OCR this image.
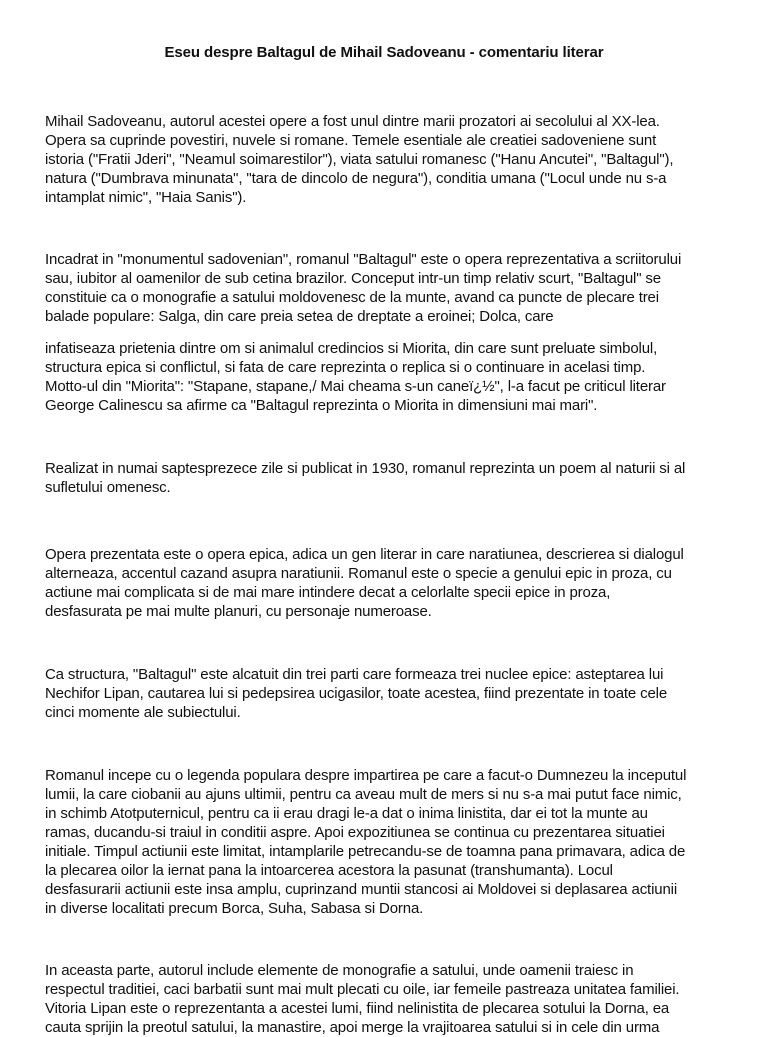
Eseu despre Baltagul de Mihail Sadoveanu - comentariu literar
Mihail Sadoveanu, autorul acestei opere a fost unul dintre marii prozatori ai secolului al XX-lea.
Opera sa cuprinde povestiri, nuvele si romane. Temele esentiale ale creatiei sadoveniene sunt
istoria ("Fratii Jderi", "Neamul soimarestilor"), viata satului romanesc ("Hanu Ancutei", "Baltagul"),
natura ("Dumbrava minunata", "tara de dincolo de negura"), conditia umana ("Locul unde nu s-a
intamplat nimic", "Haia Sanis").
Incadrat in "monumentul sadovenian", romanul "Baltagul" este o opera reprezentativa a scriitorului
sau, iubitor al oamenilor de sub cetina brazilor. Conceput intr-un timp relativ scurt, "Baltagul" se
constituie ca o monografie a satului moldovenesc de la munte, avand ca puncte de plecare trei
balade populare: Salga, din care preia setea de dreptate a eroinei; Dolca, care
infatiseaza prietenia dintre om si animalul credincios si Miorita, din care sunt preluate simbolul,
structura epica si conflictul, si fata de care reprezinta o replica si o continuare in acelasi timp.
Motto-ul din "Miorita": "Stapane, stapane,/ Mai cheama s-un caneï¿½", l-a facut pe criticul literar
George Calinescu sa afirme ca "Baltagul reprezinta o Miorita in dimensiuni mai mari".
Realizat in numai saptesprezece zile si publicat in 1930, romanul reprezinta un poem al naturii si al
sufletului omenesc.
Opera prezentata este o opera epica, adica un gen literar in care naratiunea, descrierea si dialogul
alterneaza, accentul cazand asupra naratiunii. Romanul este o specie a genului epic in proza, cu
actiune mai complicata si de mai mare intindere decat a celorlalte specii epice in proza,
desfasurata pe mai multe planuri, cu personaje numeroase.
Ca structura, "Baltagul" este alcatuit din trei parti care formeaza trei nuclee epice: asteptarea lui
Nechifor Lipan, cautarea lui si pedepsirea ucigasilor, toate acestea, fiind prezentate in toate cele
cinci momente ale subiectului.
Romanul incepe cu o legenda populara despre impartirea pe care a facut-o Dumnezeu la inceputul
lumii, la care ciobanii au ajuns ultimii, pentru ca aveau mult de mers si nu s-a mai putut face nimic,
in schimb Atotputernicul, pentru ca ii erau dragi le-a dat o inima linistita, dar ei tot la munte au
ramas, ducandu-si traiul in conditii aspre. Apoi expozitiunea se continua cu prezentarea situatiei
initiale. Timpul actiunii este limitat, intamplarile petrecandu-se de toamna pana primavara, adica de
la plecarea oilor la iernat pana la intoarcerea acestora la pasunat (transhumanta). Locul
desfasurarii actiunii este insa amplu, cuprinzand muntii stancosi ai Moldovei si deplasarea actiunii
in diverse localitati precum Borca, Suha, Sabasa si Dorna.
In aceasta parte, autorul include elemente de monografie a satului, unde oamenii traiesc in
respectul traditiei, caci barbatii sunt mai mult plecati cu oile, iar femeile pastreaza unitatea familiei.
Vitoria Lipan este o reprezentanta a acestei lumi, fiind nelinistita de plecarea sotului la Dorna, ea
cauta sprijin la preotul satului, la manastire, apoi merge la vrajitoarea satului si in cele din urma
